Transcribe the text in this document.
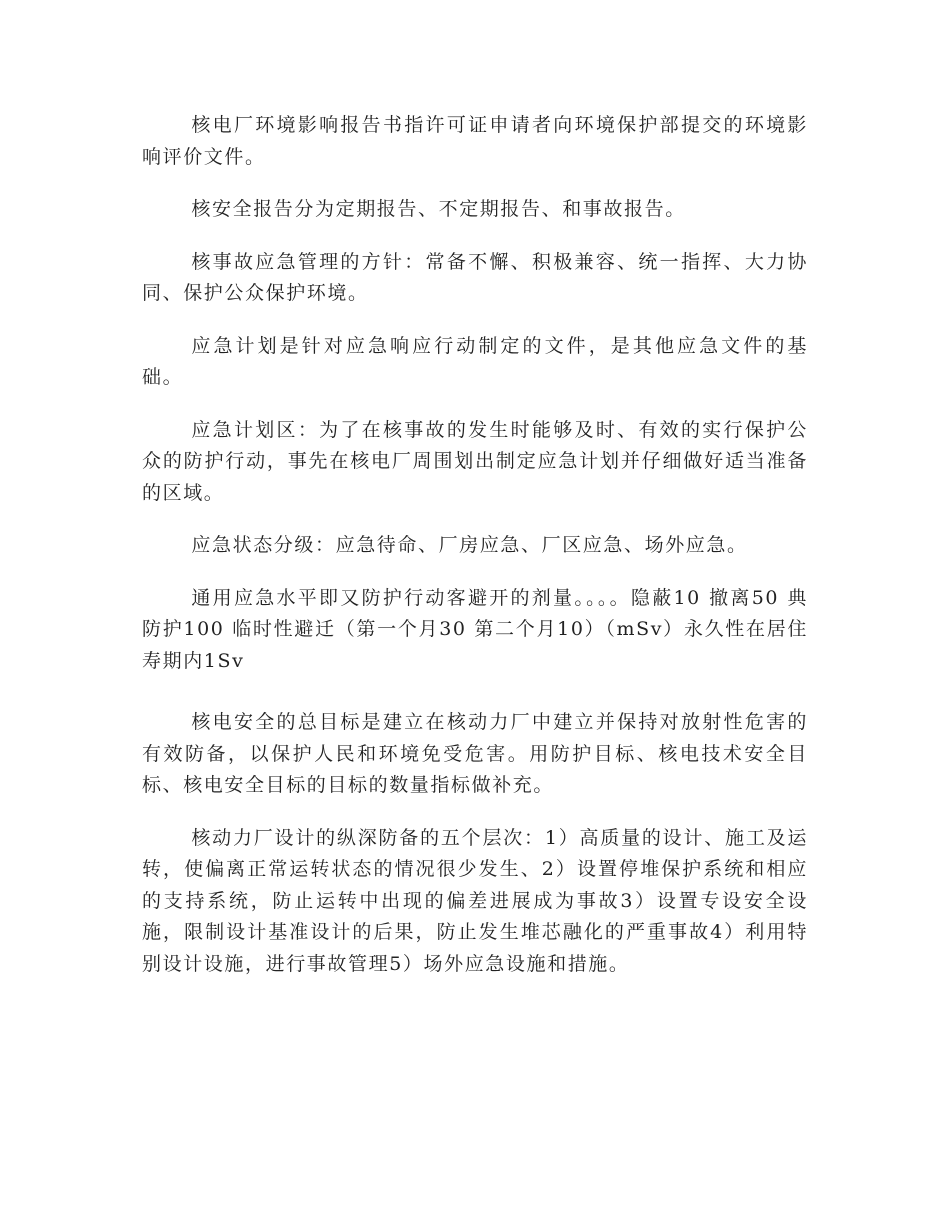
核电厂环境影响报告书指许可证申请者向环境保护部提交的环境影响评价文件。

核安全报告分为定期报告、不定期报告、和事故报告。

核事故应急管理的方针：常备不懈、积极兼容、统一指挥、大力协同、保护公众保护环境。

应急计划是针对应急响应行动制定的文件，是其他应急文件的基础。

应急计划区：为了在核事故的发生时能够及时、有效的实行保护公众的防护行动，事先在核电厂周围划出制定应急计划并仔细做好适当准备的区域。

应急状态分级：应急待命、厂房应急、厂区应急、场外应急。

通用应急水平即又防护行动客避开的剂量。。。。隐蔽10 撤离50 典防护100 临时性避迁（第一个月30 第二个月10）（mSv）永久性在居住 寿期内1Sv

核电安全的总目标是建立在核动力厂中建立并保持对放射性危害的有效防备，以保护人民和环境免受危害。用防护目标、核电技术安全目标、核电安全目标的目标的数量指标做补充。

核动力厂设计的纵深防备的五个层次：1）高质量的设计、施工及运转，使偏离正常运转状态的情况很少发生、2）设置停堆保护系统和相应的支持系统，防止运转中出现的偏差进展成为事故3）设置专设安全设施，限制设计基准设计的后果，防止发生堆芯融化的严重事故4）利用特别设计设施，进行事故管理5）场外应急设施和措施。
